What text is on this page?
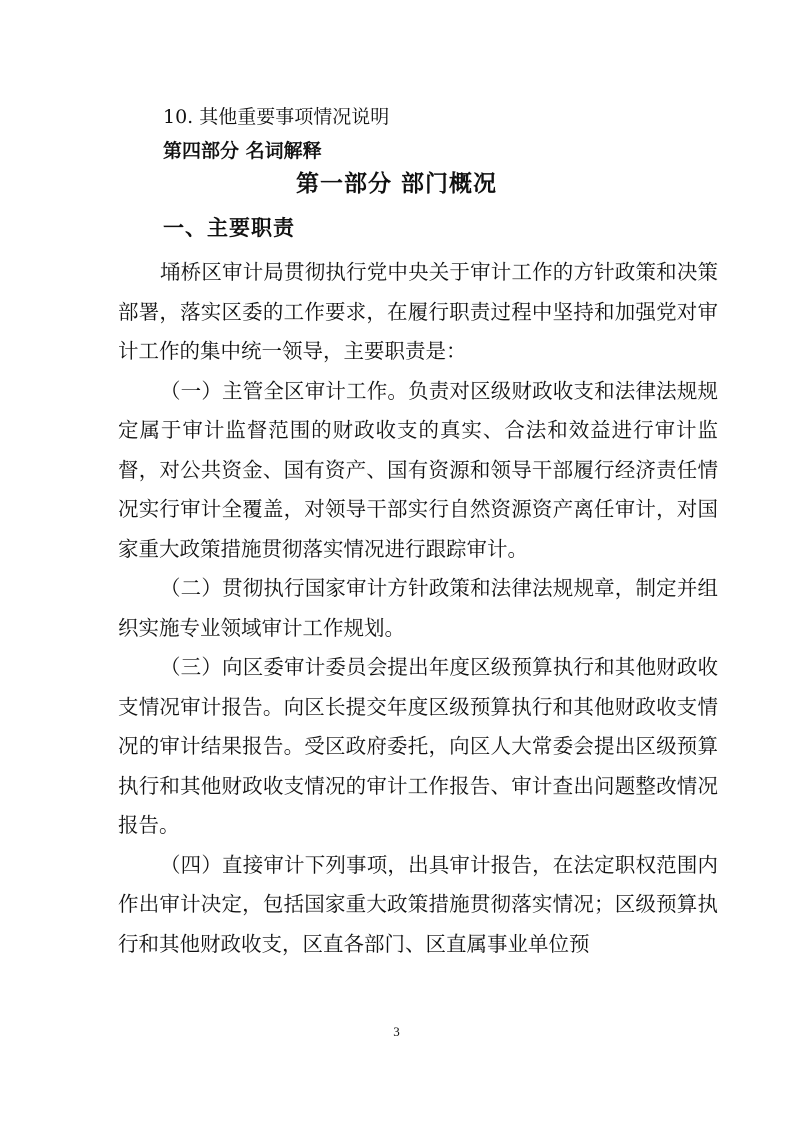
10. 其他重要事项情况说明
第四部分 名词解释
第一部分 部门概况
一、主要职责

埇桥区审计局贯彻执行党中央关于审计工作的方针政策和决策部署，落实区委的工作要求，在履行职责过程中坚持和加强党对审计工作的集中统一领导，主要职责是：

（一）主管全区审计工作。负责对区级财政收支和法律法规规定属于审计监督范围的财政收支的真实、合法和效益进行审计监督，对公共资金、国有资产、国有资源和领导干部履行经济责任情况实行审计全覆盖，对领导干部实行自然资源资产离任审计，对国家重大政策措施贯彻落实情况进行跟踪审计。

（二）贯彻执行国家审计方针政策和法律法规规章，制定并组织实施专业领域审计工作规划。

（三）向区委审计委员会提出年度区级预算执行和其他财政收支情况审计报告。向区长提交年度区级预算执行和其他财政收支情况的审计结果报告。受区政府委托，向区人大常委会提出区级预算执行和其他财政收支情况的审计工作报告、审计查出问题整改情况报告。

（四）直接审计下列事项，出具审计报告，在法定职权范围内作出审计决定，包括国家重大政策措施贯彻落实情况；区级预算执行和其他财政收支，区直各部门、区直属事业单位预

3
